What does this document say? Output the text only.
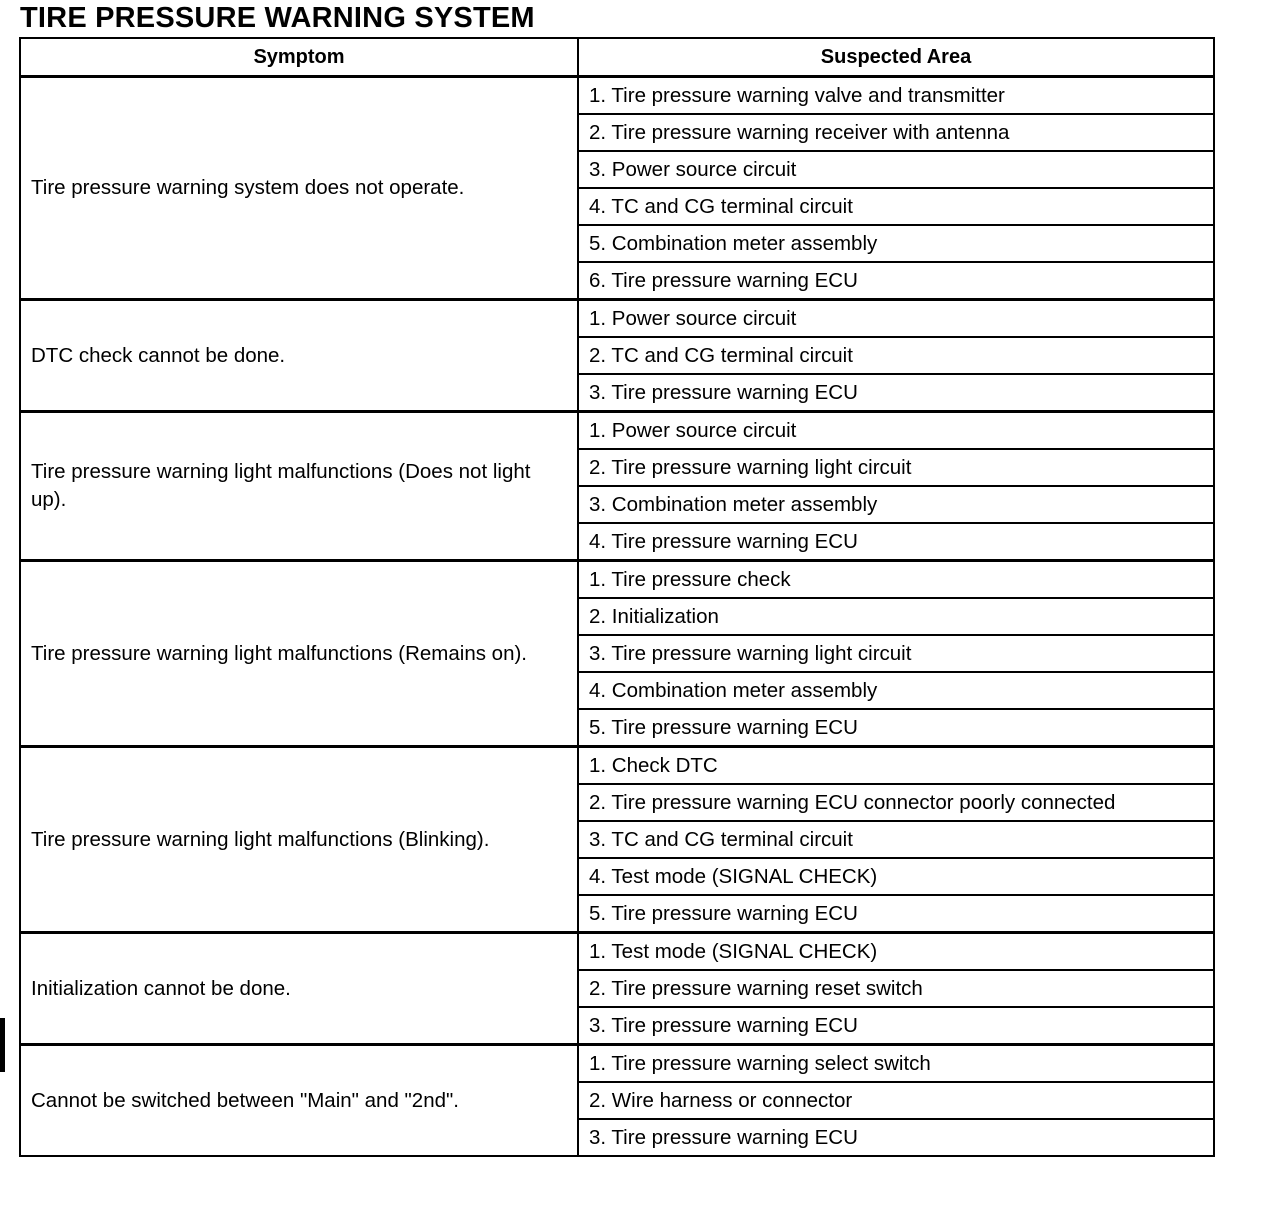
TIRE PRESSURE WARNING SYSTEM
Symptom	Suspected Area
Tire pressure warning system does not operate.	1. Tire pressure warning valve and transmitter
	2. Tire pressure warning receiver with antenna
	3. Power source circuit
	4. TC and CG terminal circuit
	5. Combination meter assembly
	6. Tire pressure warning ECU
DTC check cannot be done.	1. Power source circuit
	2. TC and CG terminal circuit
	3. Tire pressure warning ECU
Tire pressure warning light malfunctions (Does not light up).	1. Power source circuit
	2. Tire pressure warning light circuit
	3. Combination meter assembly
	4. Tire pressure warning ECU
Tire pressure warning light malfunctions (Remains on).	1. Tire pressure check
	2. Initialization
	3. Tire pressure warning light circuit
	4. Combination meter assembly
	5. Tire pressure warning ECU
Tire pressure warning light malfunctions (Blinking).	1. Check DTC
	2. Tire pressure warning ECU connector poorly connected
	3. TC and CG terminal circuit
	4. Test mode (SIGNAL CHECK)
	5. Tire pressure warning ECU
Initialization cannot be done.	1. Test mode (SIGNAL CHECK)
	2. Tire pressure warning reset switch
	3. Tire pressure warning ECU
Cannot be switched between "Main" and "2nd".	1. Tire pressure warning select switch
	2. Wire harness or connector
	3. Tire pressure warning ECU
